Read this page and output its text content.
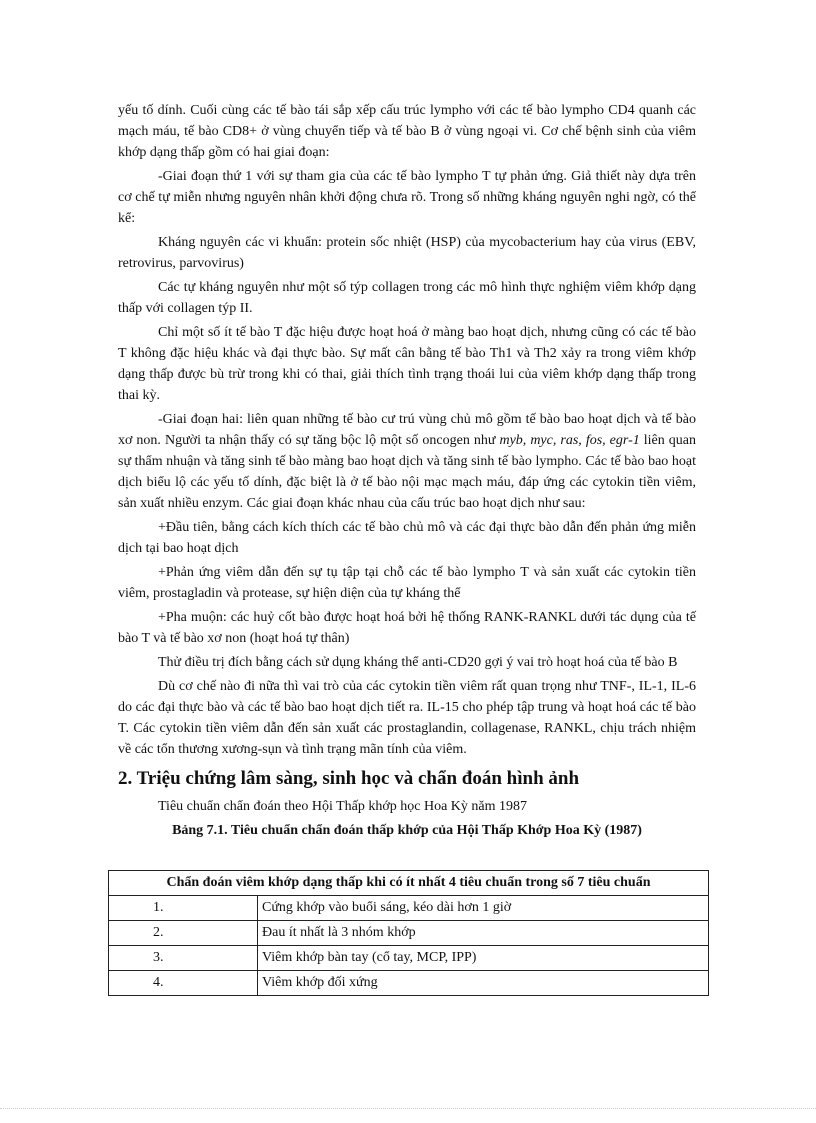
yếu tố dính. Cuối cùng các tế bào tái sắp xếp cấu trúc lympho với các tế bào lympho CD4 quanh các mạch máu, tế bào CD8+ ở vùng chuyển tiếp và tế bào B ở vùng ngoại vi. Cơ chế bệnh sinh của viêm khớp dạng thấp gồm có hai giai đoạn:

-Giai đoạn thứ 1 với sự tham gia của các tế bào lympho T tự phản ứng. Giả thiết này dựa trên cơ chế tự miễn nhưng nguyên nhân khởi động chưa rõ. Trong số những kháng nguyên nghi ngờ, có thể kể:

Kháng nguyên các vi khuẩn: protein sốc nhiệt (HSP) của mycobacterium hay của virus (EBV, retrovirus, parvovirus)

Các tự kháng nguyên như một số týp collagen trong các mô hình thực nghiệm viêm khớp dạng thấp với collagen týp II.

Chỉ một số ít tế bào T đặc hiệu được hoạt hoá ở màng bao hoạt dịch, nhưng cũng có các tế bào T không đặc hiệu khác và đại thực bào. Sự mất cân bằng tế bào Th1 và Th2 xảy ra trong viêm khớp dạng thấp được bù trừ trong khi có thai, giải thích tình trạng thoái lui của viêm khớp dạng thấp trong thai kỳ.

-Giai đoạn hai: liên quan những tế bào cư trú vùng chủ mô gồm tế bào bao hoạt dịch và tế bào xơ non. Người ta nhận thấy có sự tăng bộc lộ một số oncogen như myb, myc, ras, fos, egr-1 liên quan sự thẩm nhuận và tăng sinh tế bào màng bao hoạt dịch và tăng sinh tế bào lympho. Các tế bào bao hoạt dịch biểu lộ các yếu tố dính, đặc biệt là ở tế bào nội mạc mạch máu, đáp ứng các cytokin tiền viêm, sản xuất nhiều enzym. Các giai đoạn khác nhau của cấu trúc bao hoạt dịch như sau:

+Đầu tiên, bằng cách kích thích các tế bào chủ mô và các đại thực bào dẫn đến phản ứng miễn dịch tại bao hoạt dịch

+Phản ứng viêm dẫn đến sự tụ tập tại chỗ các tế bào lympho T và sản xuất các cytokin tiền viêm, prostagladin và protease, sự hiện diện của tự kháng thể

+Pha muộn: các huỷ cốt bào được hoạt hoá bởi hệ thống RANK-RANKL dưới tác dụng của tế bào T và tế bào xơ non (hoạt hoá tự thân)

Thử điều trị đích bằng cách sử dụng kháng thể anti-CD20 gợi ý vai trò hoạt hoá của tế bào B

Dù cơ chế nào đi nữa thì vai trò của các cytokin tiền viêm rất quan trọng như TNF-, IL-1, IL-6 do các đại thực bào và các tế bào bao hoạt dịch tiết ra. IL-15 cho phép tập trung và hoạt hoá các tế bào T. Các cytokin tiền viêm dẫn đến sản xuất các prostaglandin, collagenase, RANKL, chịu trách nhiệm về các tổn thương xương-sụn và tình trạng mãn tính của viêm.

2. Triệu chứng lâm sàng, sinh học và chẩn đoán hình ảnh

Tiêu chuẩn chẩn đoán theo Hội Thấp khớp học Hoa Kỳ năm 1987

Bảng 7.1. Tiêu chuẩn chẩn đoán thấp khớp của Hội Thấp Khớp Hoa Kỳ (1987)
Chẩn đoán viêm khớp dạng thấp khi có ít nhất 4 tiêu chuẩn trong số 7 tiêu chuẩn	
1.	Cứng khớp vào buổi sáng, kéo dài hơn 1 giờ
2.	Đau ít nhất là 3 nhóm khớp
3.	Viêm khớp bàn tay (cổ tay, MCP, IPP)
4.	Viêm khớp đối xứng
